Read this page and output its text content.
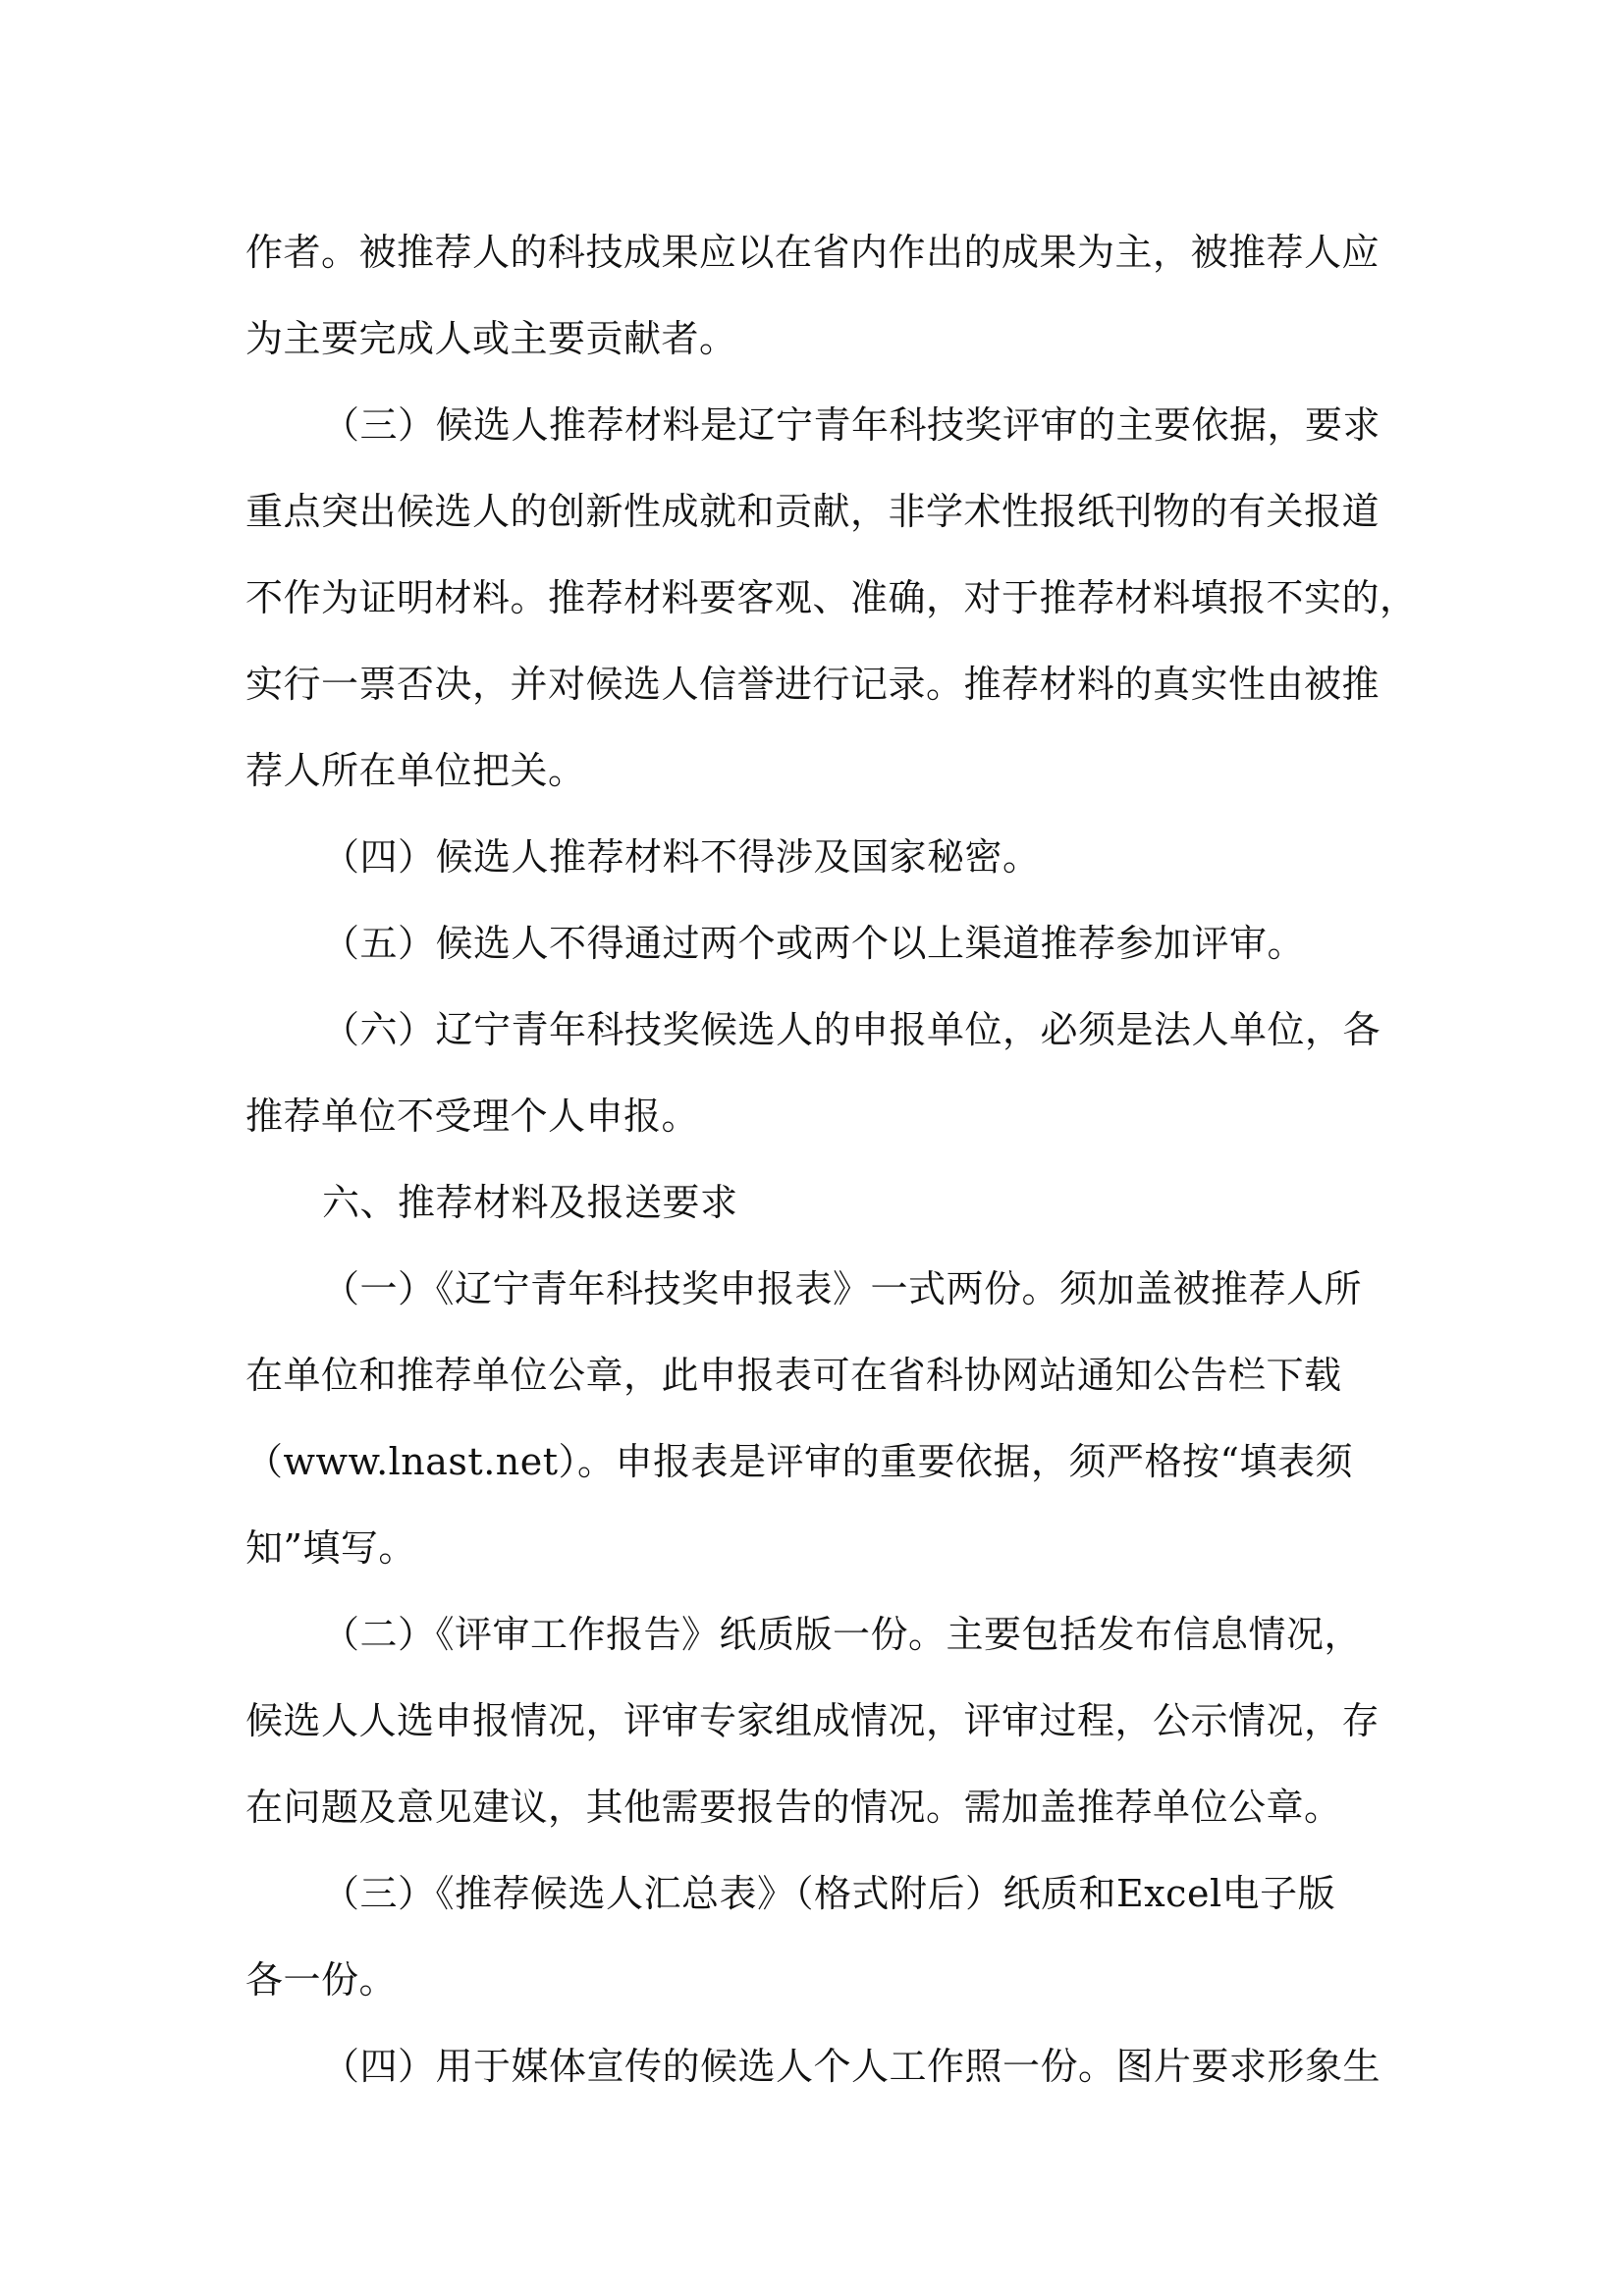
作者。被推荐人的科技成果应以在省内作出的成果为主，被推荐人应
为主要完成人或主要贡献者。
（三）候选人推荐材料是辽宁青年科技奖评审的主要依据，要求
重点突出候选人的创新性成就和贡献，非学术性报纸刊物的有关报道
不作为证明材料。推荐材料要客观、准确，对于推荐材料填报不实的，
实行一票否决，并对候选人信誉进行记录。推荐材料的真实性由被推
荐人所在单位把关。
（四）候选人推荐材料不得涉及国家秘密。
（五）候选人不得通过两个或两个以上渠道推荐参加评审。
（六）辽宁青年科技奖候选人的申报单位，必须是法人单位，各
推荐单位不受理个人申报。
六、推荐材料及报送要求
（一）《辽宁青年科技奖申报表》一式两份。须加盖被推荐人所
在单位和推荐单位公章，此申报表可在省科协网站通知公告栏下载
（www.lnast.net）。申报表是评审的重要依据，须严格按“填表须
知”填写。
（二）《评审工作报告》纸质版一份。主要包括发布信息情况，
候选人人选申报情况，评审专家组成情况，评审过程，公示情况，存
在问题及意见建议，其他需要报告的情况。需加盖推荐单位公章。
（三）《推荐候选人汇总表》（格式附后）纸质和Excel电子版
各一份。
（四）用于媒体宣传的候选人个人工作照一份。图片要求形象生
